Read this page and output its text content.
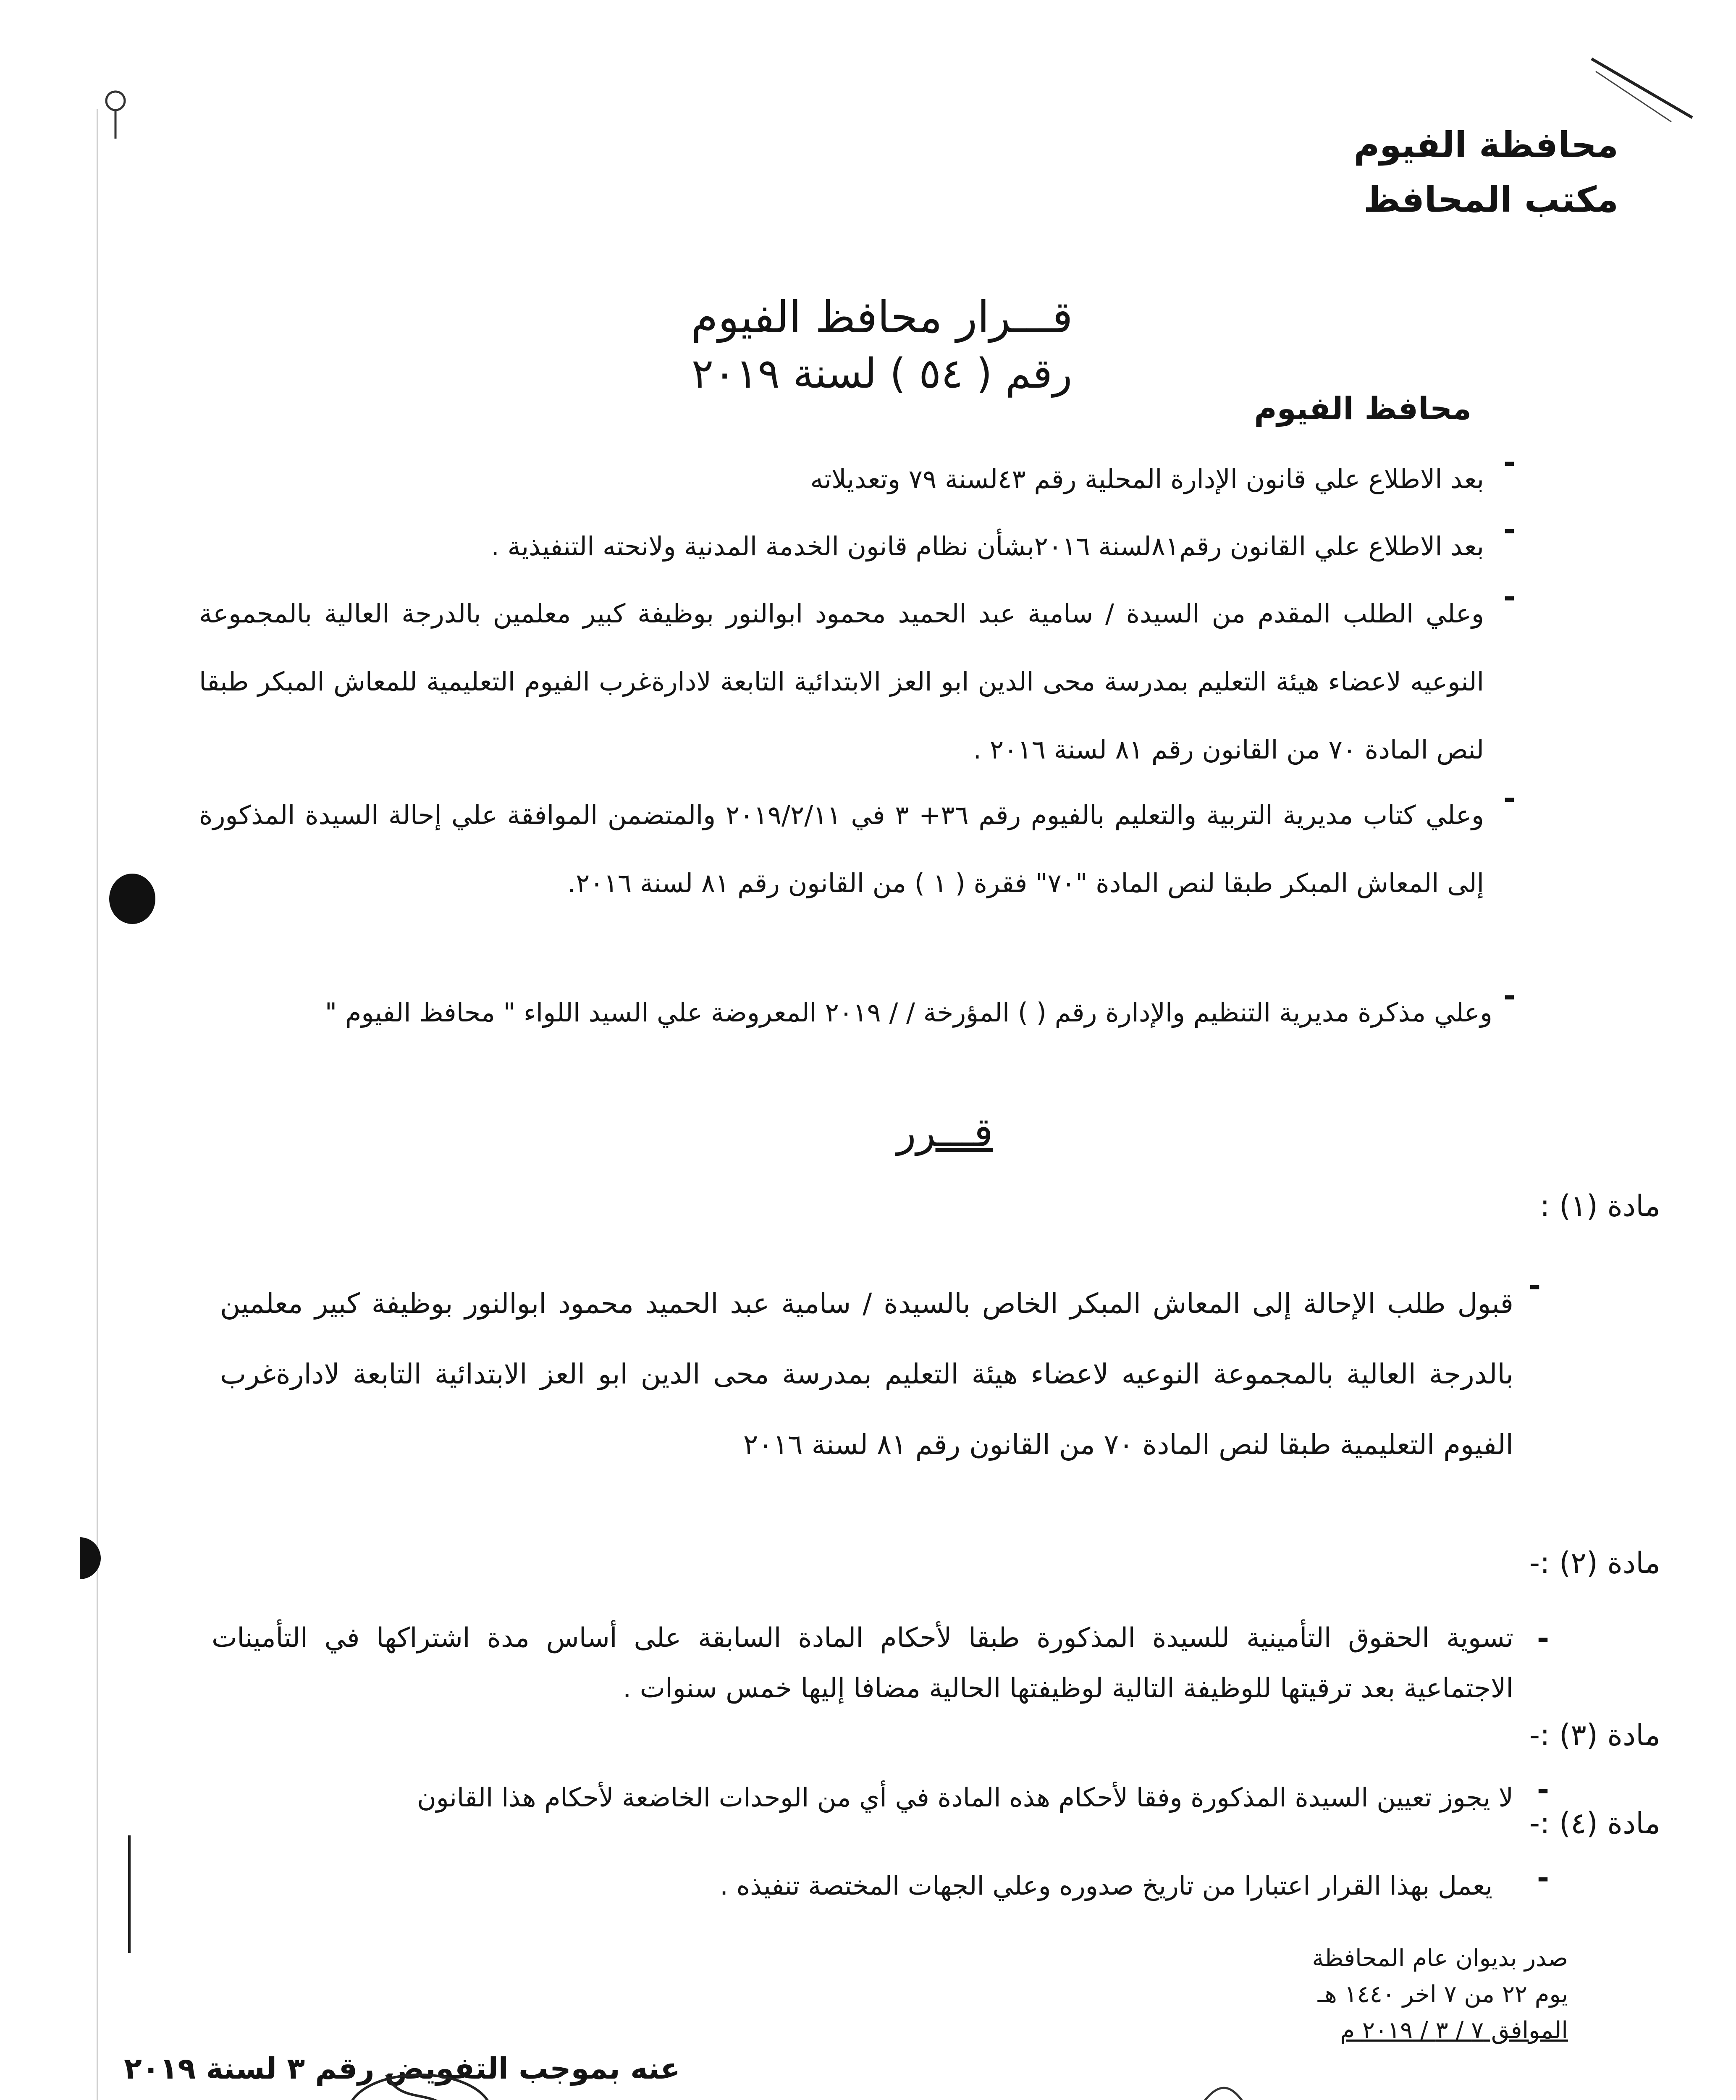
محافظة الفيوم
مكتب المحافظ
قـــرار محافظ الفيوم
رقم ( ٥٤ ) لسنة ٢٠١٩
محافظ الفيوم
-
بعد الاطلاع علي قانون الإدارة المحلية رقم ٤٣لسنة ٧٩ وتعديلاته
-
بعد الاطلاع علي القانون رقم٨١لسنة ٢٠١٦بشأن نظام قانون الخدمة المدنية ولانحته التنفيذية .
-
وعلي الطلب المقدم من السيدة / سامية عبد الحميد محمود ابوالنور بوظيفة كبير معلمين بالدرجة العالية بالمجموعة النوعيه لاعضاء هيئة التعليم بمدرسة محى الدين ابو العز الابتدائية التابعة لادارةغرب الفيوم التعليمية للمعاش المبكر طبقا لنص المادة ٧٠ من القانون رقم ٨١ لسنة ٢٠١٦ .
-
وعلي كتاب مديرية التربية والتعليم بالفيوم رقم ٣٦+ ٣ في ٢٠١٩/٢/١١ والمتضمن الموافقة علي إحالة السيدة المذكورة إلى المعاش المبكر طبقا لنص المادة "٧٠" فقرة ( ١ ) من القانون رقم ٨١ لسنة ٢٠١٦.
-
وعلي مذكرة مديرية التنظيم والإدارة رقم ( ) المؤرخة / / ٢٠١٩ المعروضة علي السيد اللواء " محافظ الفيوم "
قـــرر
مادة (١) :
-
قبول طلب الإحالة إلى المعاش المبكر الخاص بالسيدة / سامية عبد الحميد محمود ابوالنور بوظيفة كبير معلمين بالدرجة العالية بالمجموعة النوعيه لاعضاء هيئة التعليم بمدرسة محى الدين ابو العز الابتدائية التابعة لادارةغرب الفيوم التعليمية طبقا لنص المادة ٧٠ من القانون رقم ٨١ لسنة ٢٠١٦
مادة (٢) :-
-
تسوية الحقوق التأمينية للسيدة المذكورة طبقا لأحكام المادة السابقة على أساس مدة اشتراكها في التأمينات الاجتماعية بعد ترقيتها للوظيفة التالية لوظيفتها الحالية مضافا إليها خمس سنوات .
مادة (٣) :-
-
لا يجوز تعيين السيدة المذكورة وفقا لأحكام هذه المادة في أي من الوحدات الخاضعة لأحكام هذا القانون
مادة (٤) :-
-
يعمل بهذا القرار اعتبارا من تاريخ صدوره وعلي الجهات المختصة تنفيذه .
صدر بديوان عام المحافظة
يوم ٢٢ من ٧ اخر ١٤٤٠ هـ
الموافق ٧ / ٣ / ٢٠١٩ م
عنه بموجب التفويض رقم ٣ لسنة ٢٠١٩
